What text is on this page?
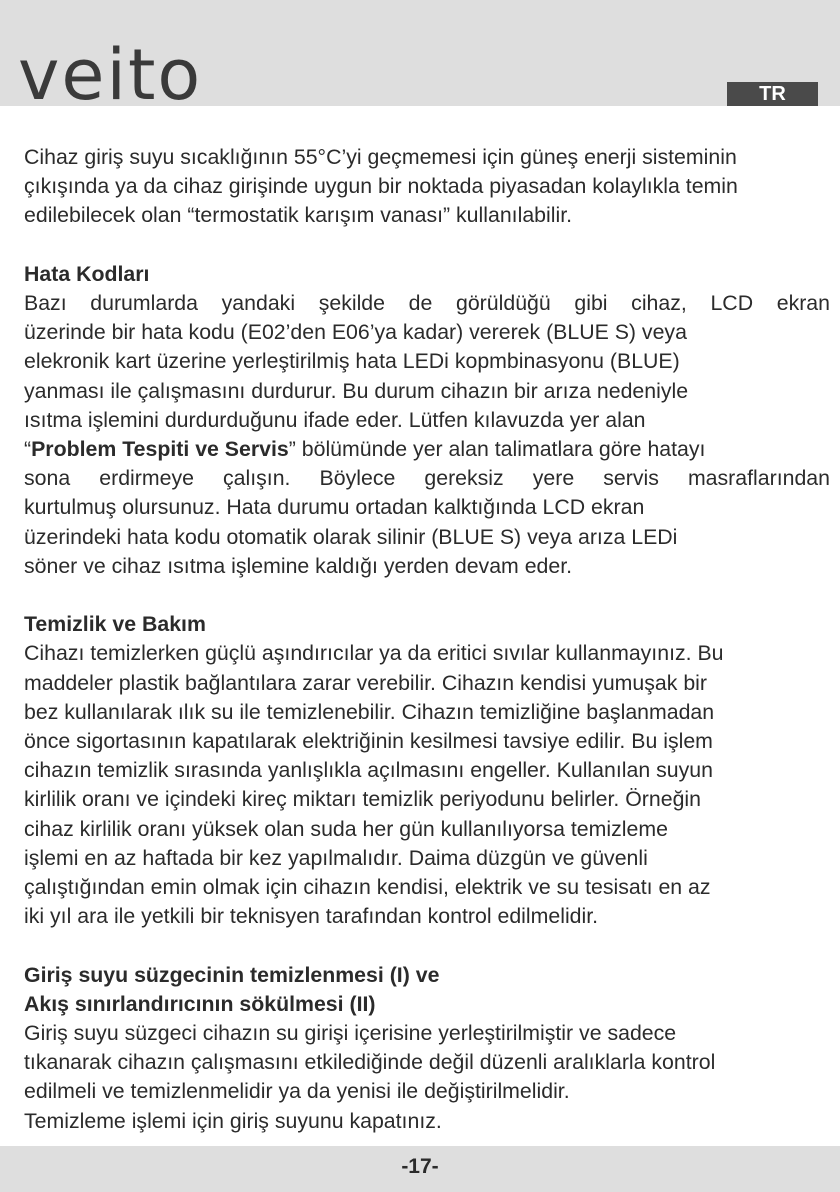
veito	TR

Cihaz giriş suyu sıcaklığının 55°C’yi geçmemesi için güneş enerji sisteminin

çıkışında ya da cihaz girişinde uygun bir noktada piyasadan kolaylıkla temin

edilebilecek olan “termostatik karışım vanası” kullanılabilir.

Hata Kodları

Bazı durumlarda yandaki şekilde de görüldüğü gibi cihaz, LCD ekran

üzerinde bir hata kodu (E02’den E06’ya kadar) vererek (BLUE S) veya

elekronik kart üzerine yerleştirilmiş hata LEDi kopmbinasyonu (BLUE)

yanması ile çalışmasını durdurur. Bu durum cihazın bir arıza nedeniyle

ısıtma işlemini durdurduğunu ifade eder. Lütfen kılavuzda yer alan

“Problem Tespiti ve Servis” bölümünde yer alan talimatlara göre hatayı

sona erdirmeye çalışın. Böylece gereksiz yere servis masraflarından

kurtulmuş olursunuz. Hata durumu ortadan kalktığında LCD ekran

üzerindeki hata kodu otomatik olarak silinir (BLUE S) veya arıza LEDi

söner ve cihaz ısıtma işlemine kaldığı yerden devam eder.

Temizlik ve Bakım

Cihazı temizlerken güçlü aşındırıcılar ya da eritici sıvılar kullanmayınız. Bu

maddeler plastik bağlantılara zarar verebilir. Cihazın kendisi yumuşak bir

bez kullanılarak ılık su ile temizlenebilir. Cihazın temizliğine başlanmadan

önce sigortasının kapatılarak elektriğinin kesilmesi tavsiye edilir. Bu işlem

cihazın temizlik sırasında yanlışlıkla açılmasını engeller. Kullanılan suyun

kirlilik oranı ve içindeki kireç miktarı temizlik periyodunu belirler. Örneğin

cihaz kirlilik oranı yüksek olan suda her gün kullanılıyorsa temizleme

işlemi en az haftada bir kez yapılmalıdır. Daima düzgün ve güvenli

çalıştığından emin olmak için cihazın kendisi, elektrik ve su tesisatı en az

iki yıl ara ile yetkili bir teknisyen tarafından kontrol edilmelidir.

Giriş suyu süzgecinin temizlenmesi (I) ve

Akış sınırlandırıcının sökülmesi (II)

Giriş suyu süzgeci cihazın su girişi içerisine yerleştirilmiştir ve sadece

tıkanarak cihazın çalışmasını etkilediğinde değil düzenli aralıklarla kontrol

edilmeli ve temizlenmelidir ya da yenisi ile değiştirilmelidir.

Temizleme işlemi için giriş suyunu kapatınız.

-17-
